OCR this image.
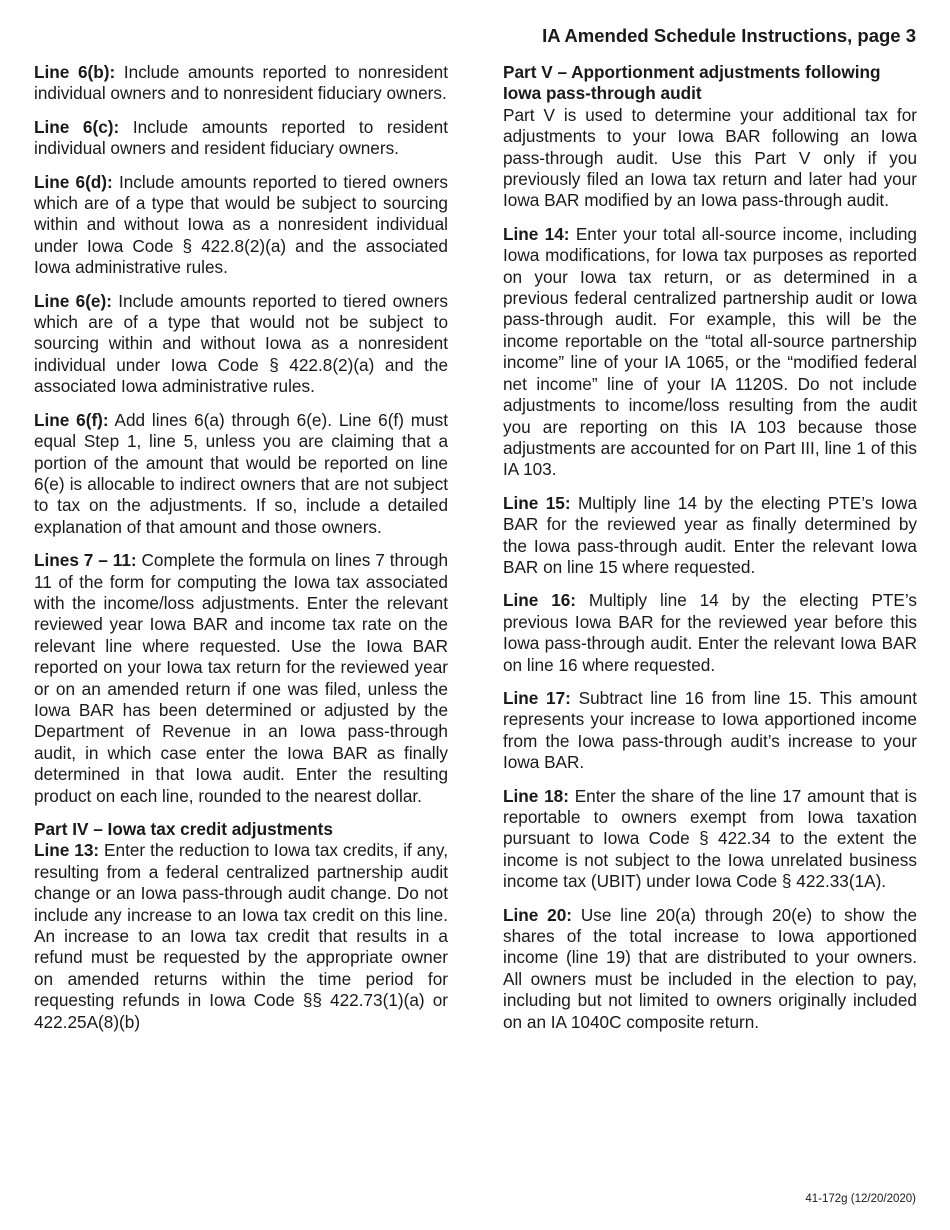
IA Amended Schedule Instructions, page 3

Line 6(b): Include amounts reported to nonresident individual owners and to nonresident fiduciary owners.

Line 6(c): Include amounts reported to resident individual owners and resident fiduciary owners.

Line 6(d): Include amounts reported to tiered owners which are of a type that would be subject to sourcing within and without Iowa as a nonresident individual under Iowa Code § 422.8(2)(a) and the associated Iowa administrative rules.

Line 6(e): Include amounts reported to tiered owners which are of a type that would not be subject to sourcing within and without Iowa as a nonresident individual under Iowa Code § 422.8(2)(a) and the associated Iowa administrative rules.

Line 6(f): Add lines 6(a) through 6(e). Line 6(f) must equal Step 1, line 5, unless you are claiming that a portion of the amount that would be reported on line 6(e) is allocable to indirect owners that are not subject to tax on the adjustments. If so, include a detailed explanation of that amount and those owners.

Lines 7 – 11: Complete the formula on lines 7 through 11 of the form for computing the Iowa tax associated with the income/loss adjustments. Enter the relevant reviewed year Iowa BAR and income tax rate on the relevant line where requested. Use the Iowa BAR reported on your Iowa tax return for the reviewed year or on an amended return if one was filed, unless the Iowa BAR has been determined or adjusted by the Department of Revenue in an Iowa pass-through audit, in which case enter the Iowa BAR as finally determined in that Iowa audit. Enter the resulting product on each line, rounded to the nearest dollar.

Part IV – Iowa tax credit adjustments

Line 13: Enter the reduction to Iowa tax credits, if any, resulting from a federal centralized partnership audit change or an Iowa pass-through audit change. Do not include any increase to an Iowa tax credit on this line. An increase to an Iowa tax credit that results in a refund must be requested by the appropriate owner on amended returns within the time period for requesting refunds in Iowa Code §§ 422.73(1)(a) or 422.25A(8)(b)

Part V – Apportionment adjustments following Iowa pass-through audit

Part V is used to determine your additional tax for adjustments to your Iowa BAR following an Iowa pass-through audit. Use this Part V only if you previously filed an Iowa tax return and later had your Iowa BAR modified by an Iowa pass-through audit.

Line 14: Enter your total all-source income, including Iowa modifications, for Iowa tax purposes as reported on your Iowa tax return, or as determined in a previous federal centralized partnership audit or Iowa pass-through audit. For example, this will be the income reportable on the “total all-source partnership income” line of your IA 1065, or the “modified federal net income” line of your IA 1120S. Do not include adjustments to income/loss resulting from the audit you are reporting on this IA 103 because those adjustments are accounted for on Part III, line 1 of this IA 103.

Line 15: Multiply line 14 by the electing PTE’s Iowa BAR for the reviewed year as finally determined by the Iowa pass-through audit. Enter the relevant Iowa BAR on line 15 where requested.

Line 16: Multiply line 14 by the electing PTE’s previous Iowa BAR for the reviewed year before this Iowa pass-through audit. Enter the relevant Iowa BAR on line 16 where requested.

Line 17: Subtract line 16 from line 15. This amount represents your increase to Iowa apportioned income from the Iowa pass-through audit’s increase to your Iowa BAR.

Line 18: Enter the share of the line 17 amount that is reportable to owners exempt from Iowa taxation pursuant to Iowa Code § 422.34 to the extent the income is not subject to the Iowa unrelated business income tax (UBIT) under Iowa Code § 422.33(1A).

Line 20: Use line 20(a) through 20(e) to show the shares of the total increase to Iowa apportioned income (line 19) that are distributed to your owners. All owners must be included in the election to pay, including but not limited to owners originally included on an IA 1040C composite return.

41-172g (12/20/2020)
